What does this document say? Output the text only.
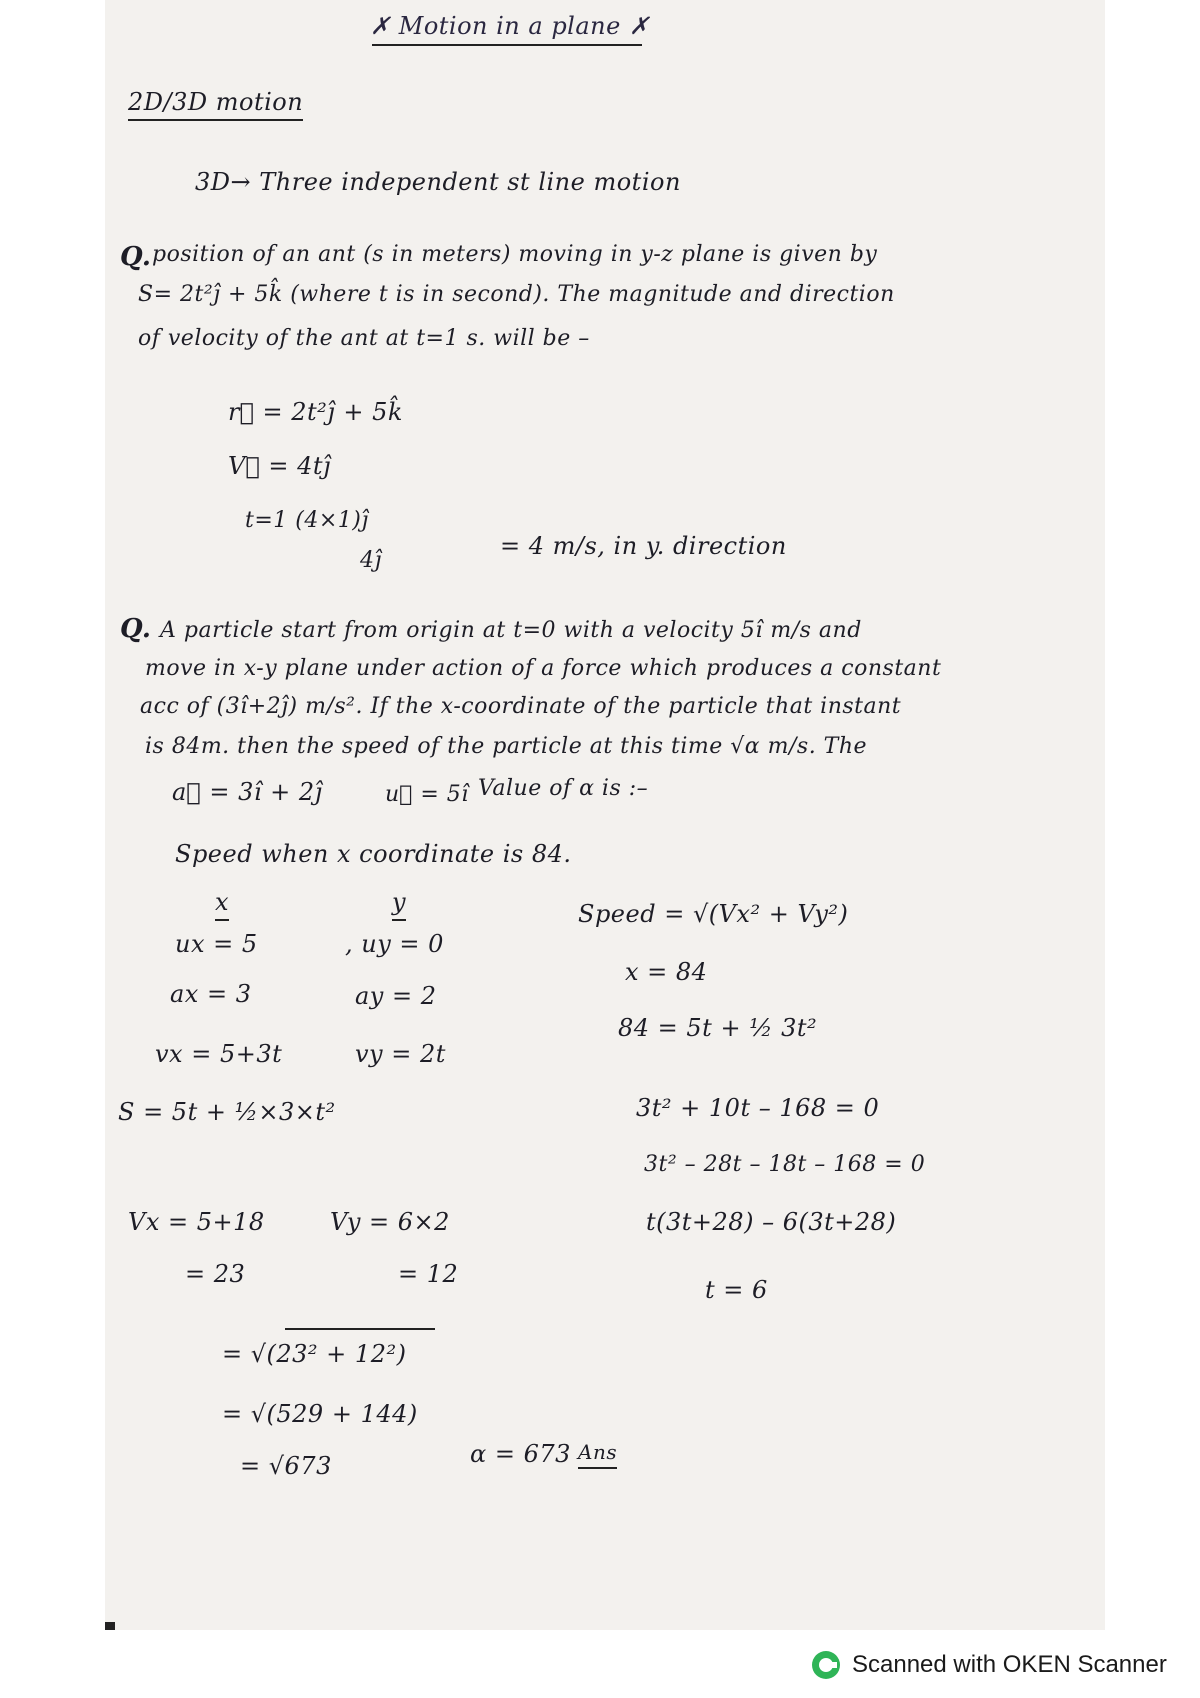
✗ Motion in a plane ✗
2D/3D motion
3D→ Three independent st line motion
Q. position of an ant (s in meters) moving in y-z plane is given by
S= 2t²ĵ + 5k̂ (where t is in second). The magnitude and direction
of velocity of the ant at t=1 s. will be –
r⃗ = 2t²ĵ + 5k̂
V⃗ = 4tĵ
t=1 (4×1)ĵ
4ĵ
= 4 m/s, in y. direction
Q. A particle start from origin at t=0 with a velocity 5î m/s and
move in x-y plane under action of a force which produces a constant
acc of (3î+2ĵ) m/s². If the x-coordinate of the particle that instant
is 84m. then the speed of the particle at this time √α m/s. The
a⃗ = 3î + 2ĵ	u⃗ = 5î Value of α is :–
Speed when x coordinate is 84.
x	y
ux = 5	, uy = 0
ax = 3	ay = 2
vx = 5+3t	vy = 2t
S = 5t + ½×3×t²
Vx = 5+18	Vy = 6×2
= 23	= 12
Speed = √(Vx² + Vy²)
x = 84
84 = 5t + ½ 3t²
3t² + 10t – 168 = 0
3t² – 28t – 18t – 168 = 0
t(3t+28) – 6(3t+28)
t = 6
= √(23² + 12²)
= √(529 + 144)
= √673	α = 673 Ans
Scanned with OKEN Scanner
